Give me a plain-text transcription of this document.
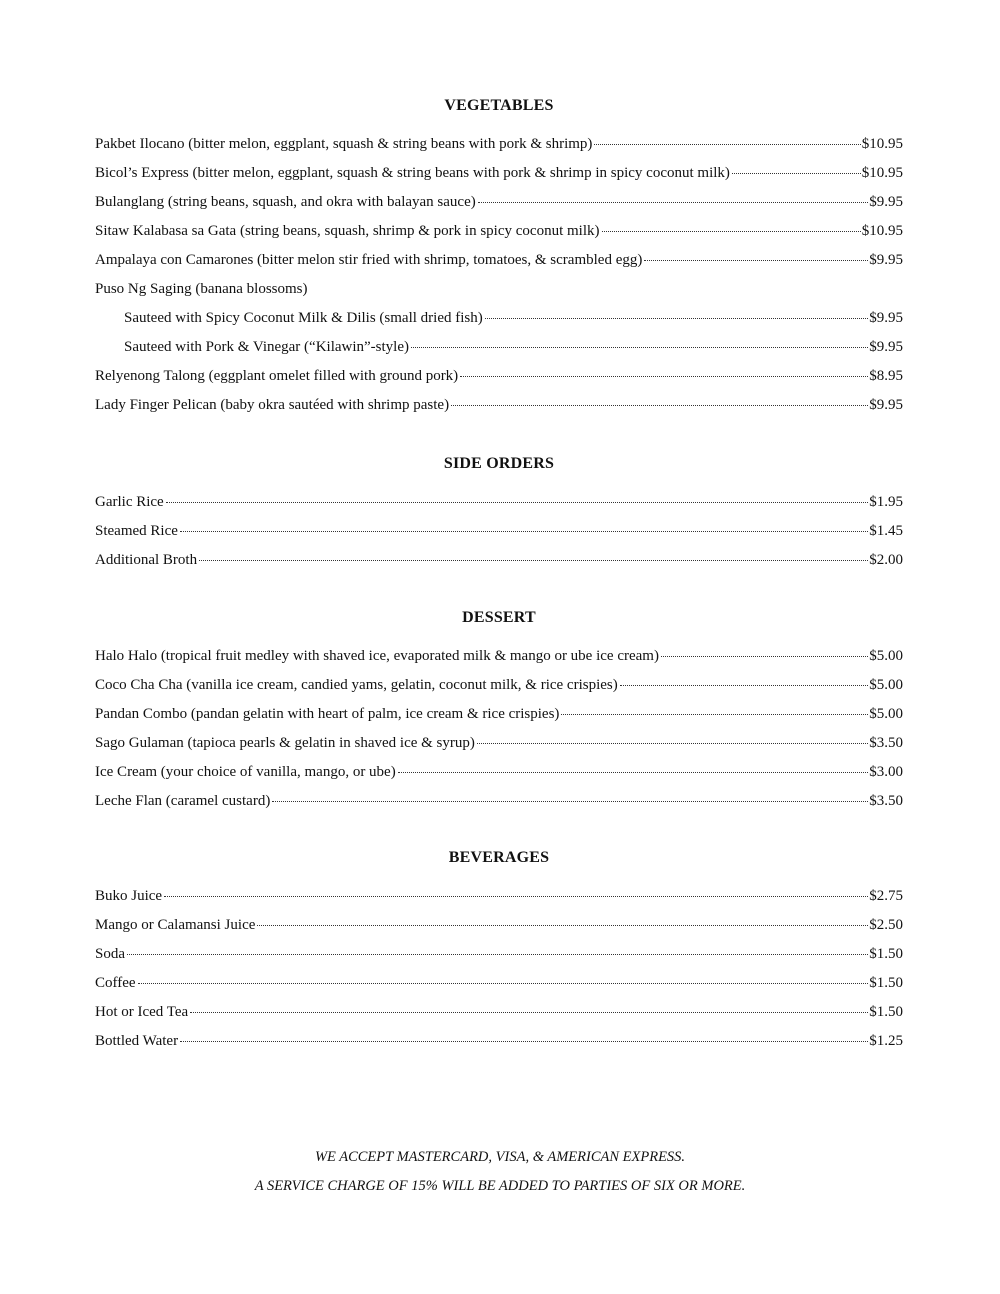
VEGETABLES
Pakbet Ilocano (bitter melon, eggplant, squash & string beans with pork & shrimp)	$10.95
Bicol’s Express (bitter melon, eggplant, squash & string beans with pork & shrimp in spicy coconut milk)	$10.95
Bulanglang (string beans, squash, and okra with balayan sauce)	$9.95
Sitaw Kalabasa sa Gata (string beans, squash, shrimp & pork in spicy coconut milk)	$10.95
Ampalaya con Camarones (bitter melon stir fried with shrimp, tomatoes, & scrambled egg)	$9.95
Puso Ng Saging (banana blossoms)
Sauteed with Spicy Coconut Milk & Dilis (small dried fish)	$9.95
Sauteed with Pork & Vinegar (“Kilawin”-style)	$9.95
Relyenong Talong (eggplant omelet filled with ground pork)	$8.95
Lady Finger Pelican (baby okra sautéed with shrimp paste)	$9.95
SIDE ORDERS
Garlic Rice	$1.95
Steamed Rice	$1.45
Additional Broth	$2.00
DESSERT
Halo Halo (tropical fruit medley with shaved ice, evaporated milk & mango or ube ice cream)	$5.00
Coco Cha Cha (vanilla ice cream, candied yams, gelatin, coconut milk, & rice crispies)	$5.00
Pandan Combo (pandan gelatin with heart of palm, ice cream & rice crispies)	$5.00
Sago Gulaman (tapioca pearls & gelatin in shaved ice & syrup)	$3.50
Ice Cream (your choice of vanilla, mango, or ube)	$3.00
Leche Flan (caramel custard)	$3.50
BEVERAGES
Buko Juice	$2.75
Mango or Calamansi Juice	$2.50
Soda	$1.50
Coffee	$1.50
Hot or Iced Tea	$1.50
Bottled Water	$1.25
WE ACCEPT MASTERCARD, VISA, & AMERICAN EXPRESS.
A SERVICE CHARGE OF 15% WILL BE ADDED TO PARTIES OF SIX OR MORE.
